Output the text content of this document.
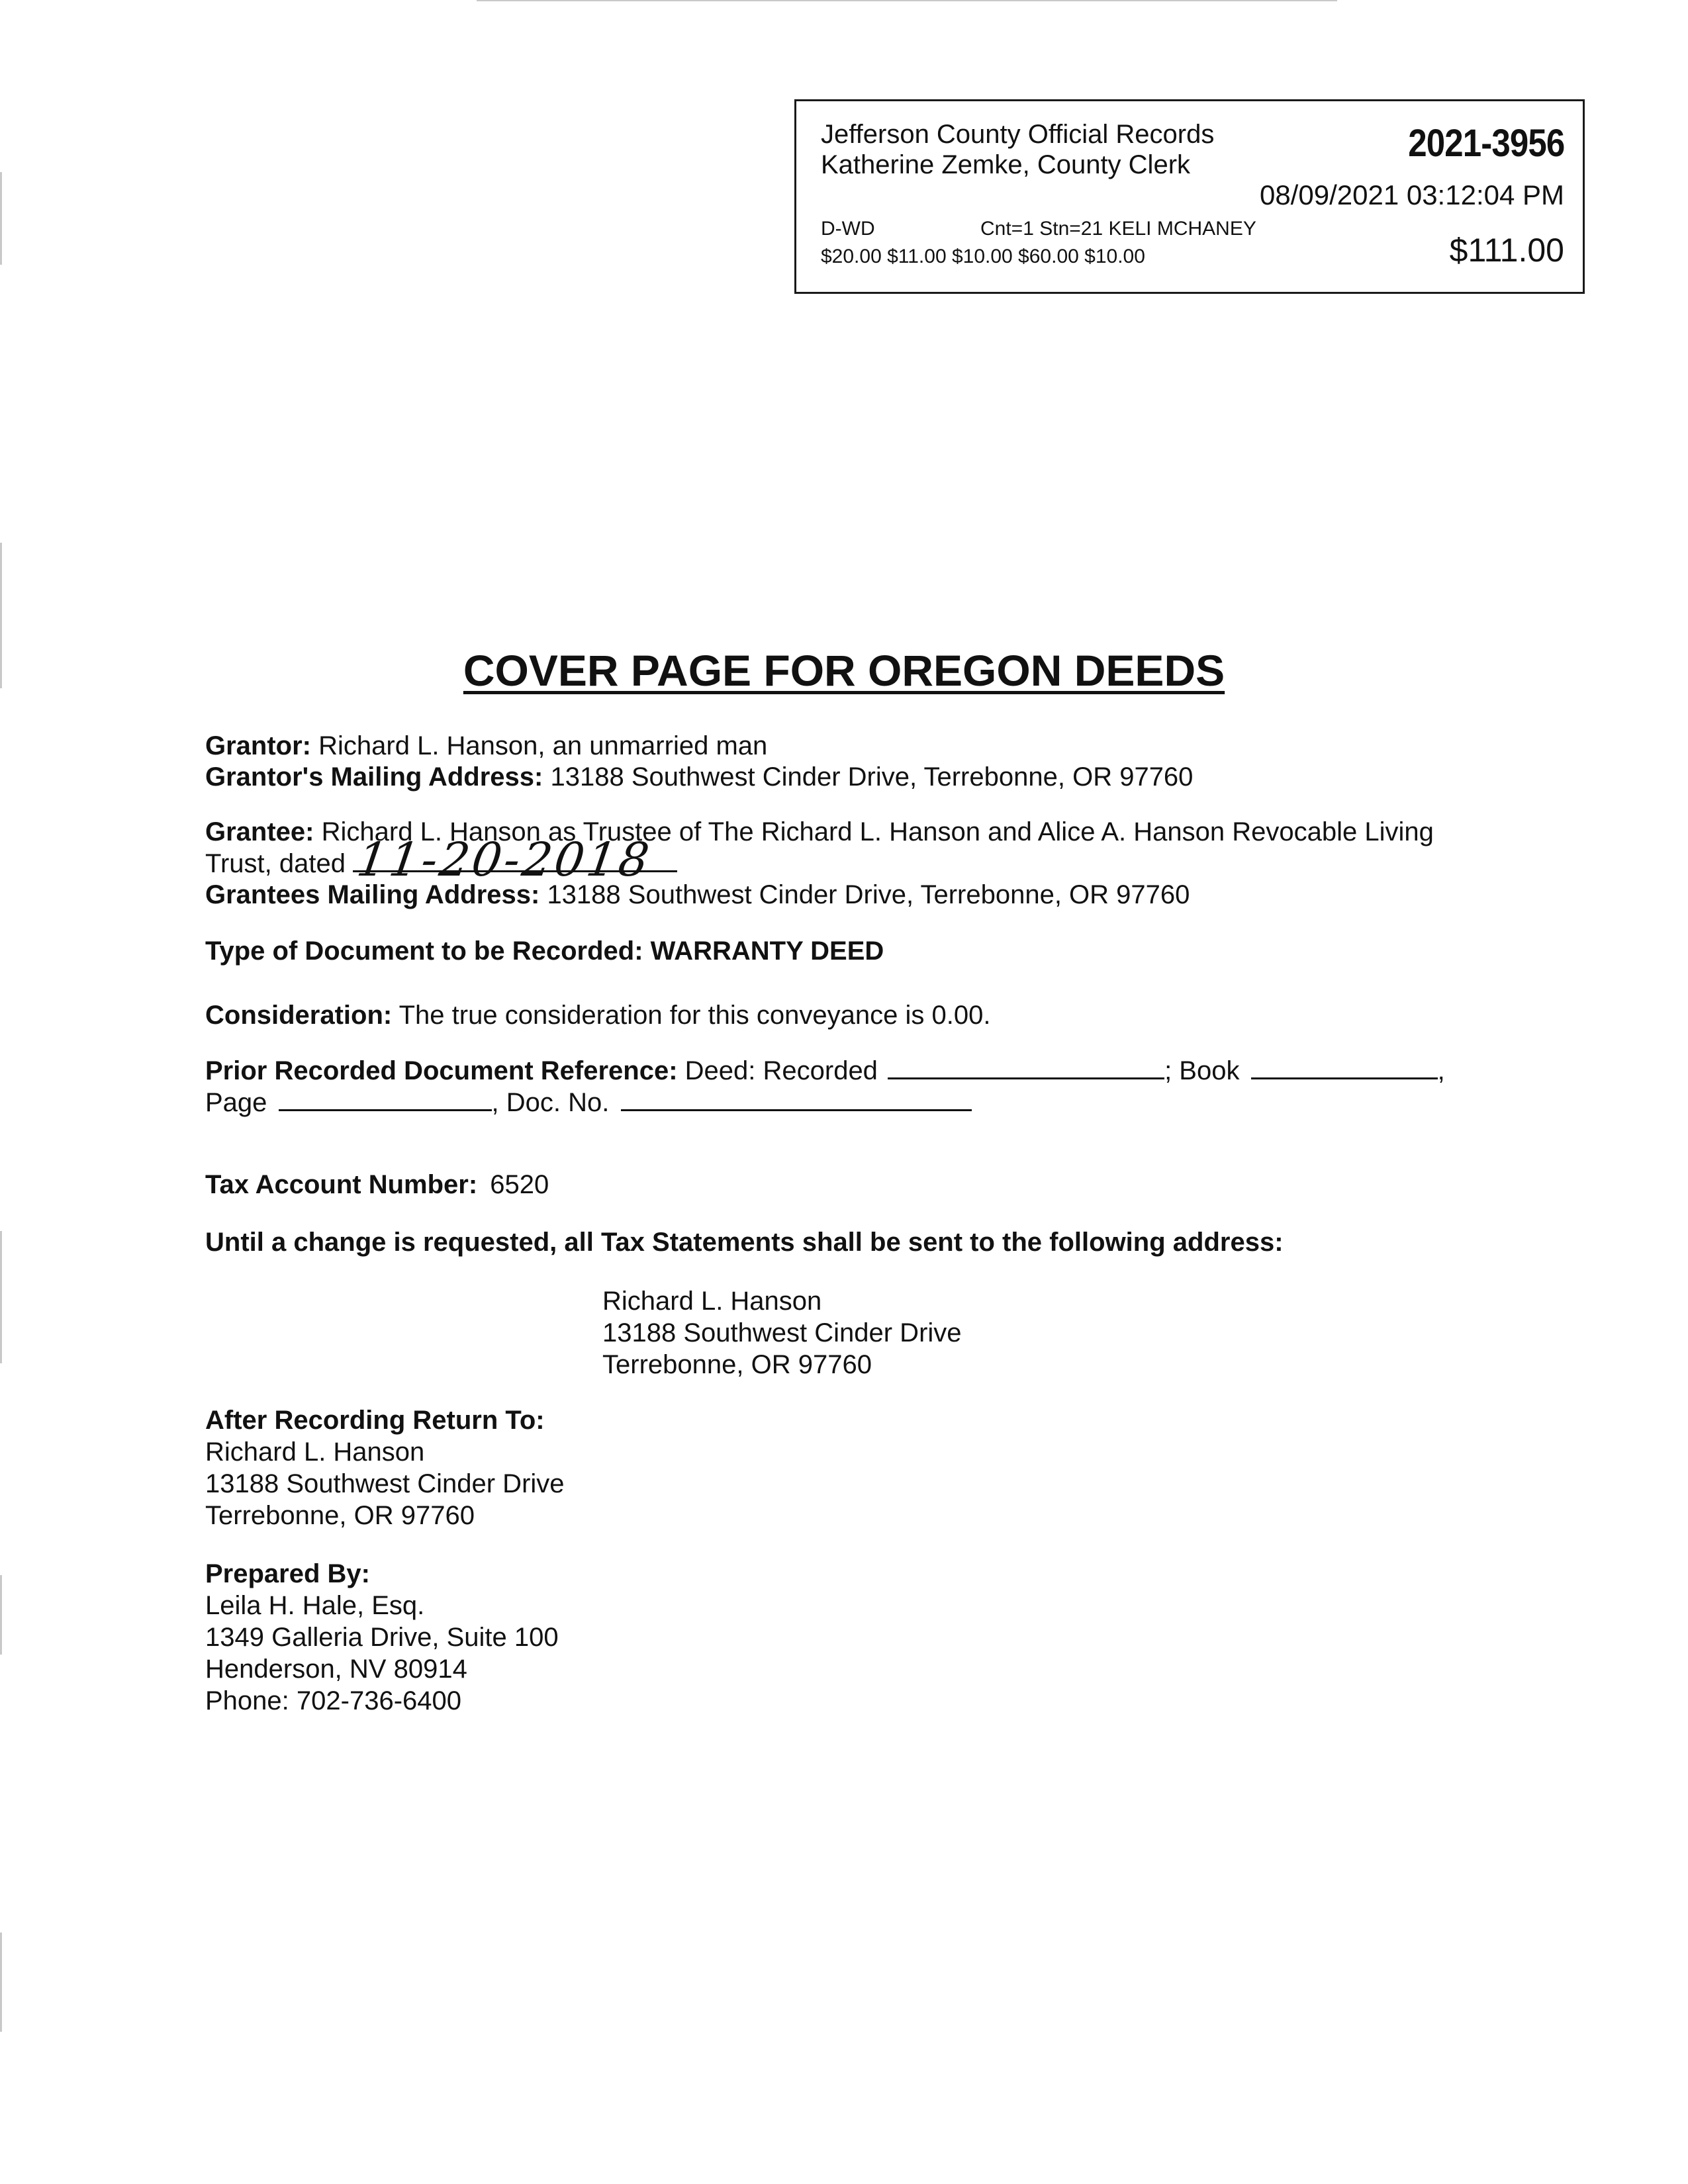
Jefferson County Official Records
Katherine Zemke, County Clerk	2021-3956
08/09/2021 03:12:04 PM
D-WD	Cnt=1 Stn=21 KELI MCHANEY
$20.00 $11.00 $10.00 $60.00 $10.00	$111.00
COVER PAGE FOR OREGON DEEDS
Grantor: Richard L. Hanson, an unmarried man
Grantor's Mailing Address: 13188 Southwest Cinder Drive, Terrebonne, OR 97760
Grantee: Richard L. Hanson as Trustee of The Richard L. Hanson and Alice A. Hanson Revocable Living
Trust, dated 11-20-2018
Grantees Mailing Address: 13188 Southwest Cinder Drive, Terrebonne, OR 97760
Type of Document to be Recorded: WARRANTY DEED
Consideration: The true consideration for this conveyance is 0.00.
Prior Recorded Document Reference: Deed: Recorded	; Book	,
Page	, Doc. No.
Tax Account Number: 6520
Until a change is requested, all Tax Statements shall be sent to the following address:
Richard L. Hanson
13188 Southwest Cinder Drive
Terrebonne, OR 97760
After Recording Return To:
Richard L. Hanson
13188 Southwest Cinder Drive
Terrebonne, OR 97760
Prepared By:
Leila H. Hale, Esq.
1349 Galleria Drive, Suite 100
Henderson, NV 80914
Phone: 702-736-6400
